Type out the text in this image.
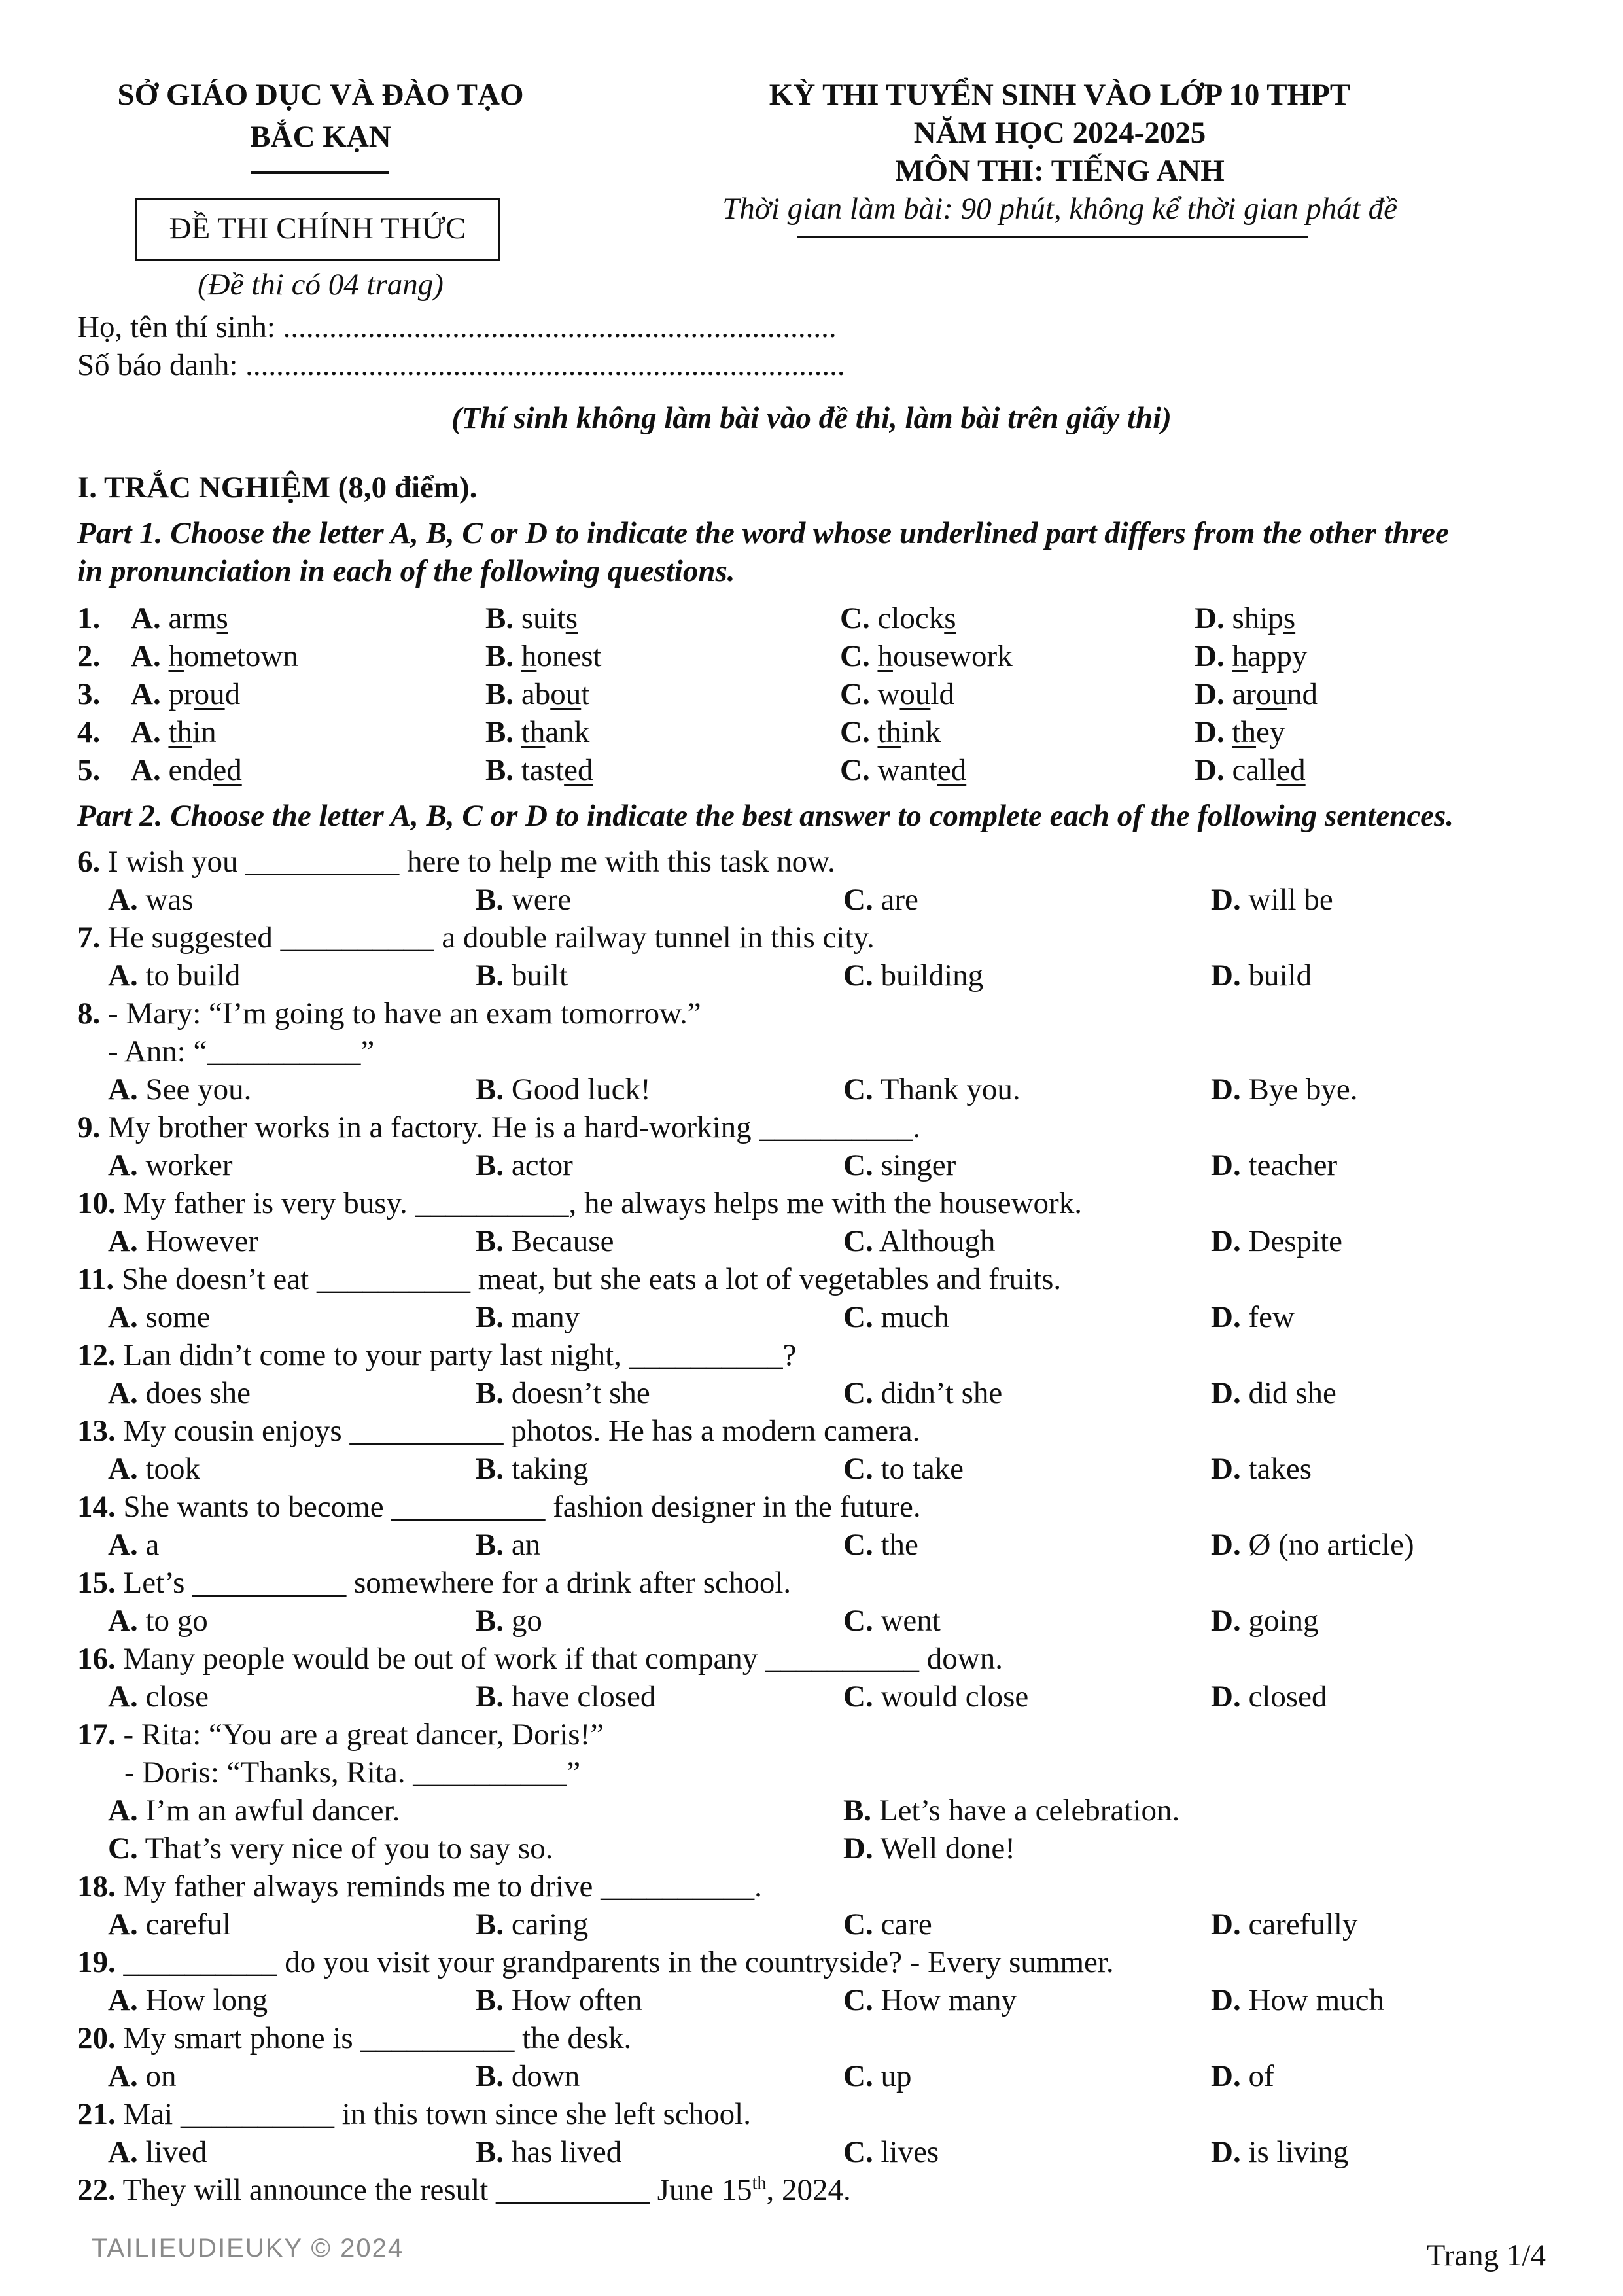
SỞ GIÁO DỤC VÀ ĐÀO TẠO
BẮC KẠN
ĐỀ THI CHÍNH THỨC
(Đề thi có 04 trang)
KỲ THI TUYỂN SINH VÀO LỚP 10 THPT
NĂM HỌC 2024-2025
MÔN THI: TIẾNG ANH
Thời gian làm bài: 90 phút, không kể thời gian phát đề
Họ, tên thí sinh: ........................................................................
Số báo danh: ..............................................................................
(Thí sinh không làm bài vào đề thi, làm bài trên giấy thi)
I. TRẮC NGHIỆM (8,0 điểm).
Part 1. Choose the letter A, B, C or D to indicate the word whose underlined part differs from the other three
in pronunciation in each of the following questions.
1. A. arms	B. suits	C. clocks	D. ships
2. A. hometown	B. honest	C. housework	D. happy
3. A. proud	B. about	C. would	D. around
4. A. thin	B. thank	C. think	D. they
5. A. ended	B. tasted	C. wanted	D. called
Part 2. Choose the letter A, B, C or D to indicate the best answer to complete each of the following sentences.
6. I wish you __________ here to help me with this task now.
A. was	B. were	C. are	D. will be
7. He suggested __________ a double railway tunnel in this city.
A. to build	B. built	C. building	D. build
8. - Mary: “I’m going to have an exam tomorrow.”
- Ann: “__________”
A. See you.	B. Good luck!	C. Thank you.	D. Bye bye.
9. My brother works in a factory. He is a hard-working __________.
A. worker	B. actor	C. singer	D. teacher
10. My father is very busy. __________, he always helps me with the housework.
A. However	B. Because	C. Although	D. Despite
11. She doesn’t eat __________ meat, but she eats a lot of vegetables and fruits.
A. some	B. many	C. much	D. few
12. Lan didn’t come to your party last night, __________?
A. does she	B. doesn’t she	C. didn’t she	D. did she
13. My cousin enjoys __________ photos. He has a modern camera.
A. took	B. taking	C. to take	D. takes
14. She wants to become __________ fashion designer in the future.
A. a	B. an	C. the	D. Ø (no article)
15. Let’s __________ somewhere for a drink after school.
A. to go	B. go	C. went	D. going
16. Many people would be out of work if that company __________ down.
A. close	B. have closed	C. would close	D. closed
17. - Rita: “You are a great dancer, Doris!”
- Doris: “Thanks, Rita. __________”
A. I’m an awful dancer.	B. Let’s have a celebration.
C. That’s very nice of you to say so.	D. Well done!
18. My father always reminds me to drive __________.
A. careful	B. caring	C. care	D. carefully
19. __________ do you visit your grandparents in the countryside? - Every summer.
A. How long	B. How often	C. How many	D. How much
20. My smart phone is __________ the desk.
A. on	B. down	C. up	D. of
21. Mai __________ in this town since she left school.
A. lived	B. has lived	C. lives	D. is living
22. They will announce the result __________ June 15th, 2024.
TAILIEUDIEUKY © 2024	Trang 1/4
